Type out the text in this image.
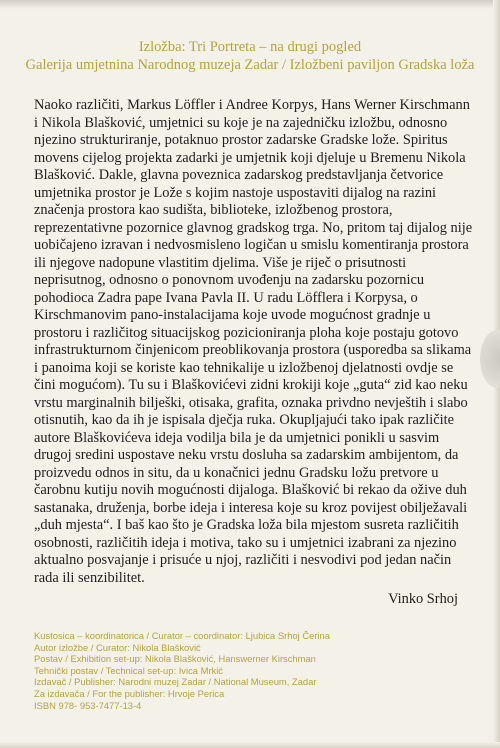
Izložba: Tri Portreta – na drugi pogled
Galerija umjetnina Narodnog muzeja Zadar / Izložbeni paviljon Gradska loža

Naoko različiti, Markus Löffler i Andree Korpys, Hans Werner Kirschmann i Nikola Blašković, umjetnici su koje je na zajedničku izložbu, odnosno njezino strukturiranje, potaknuo prostor zadarske Gradske lože. Spiritus movens cijelog projekta zadarki je umjetnik koji djeluje u Bremenu Nikola Blašković. Dakle, glavna poveznica zadarskog predstavljanja četvorice umjetnika prostor je Lože s kojim nastoje uspostaviti dijalog na razini značenja prostora kao sudišta, biblioteke, izložbenog prostora, reprezentativne pozornice glavnog gradskog trga. No, pritom taj dijalog nije uobičajeno izravan i nedvosmisleno logičan u smislu komentiranja prostora ili njegove nadopune vlastitim djelima. Više je riječ o prisutnosti neprisutnog, odnosno o ponovnom uvođenju na zadarsku pozornicu pohodioca Zadra pape Ivana Pavla II. U radu Löfflera i Korpysa, o Kirschmanovim pano-instalacijama koje uvode mogućnost gradnje u prostoru i različitog situacijskog pozicioniranja ploha koje postaju gotovo infrastrukturnom činjenicom preoblikovanja prostora (usporedba sa slikama i panoima koji se koriste kao tehnikalije u izložbenoj djelatnosti ovdje se čini mogućom). Tu su i Blaškovićevi zidni krokiji koje „guta“ zid kao neku vrstu marginalnih bilješki, otisaka, grafita, oznaka privdno nevještih i slabo otisnutih, kao da ih je ispisala dječja ruka. Okupljajući tako ipak različite autore Blaškovićeva ideja vodilja bila je da umjetnici ponikli u sasvim drugoj sredini uspostave neku vrstu dosluha sa zadarskim ambijentom, da proizvedu odnos in situ, da u konačnici jednu Gradsku ložu pretvore u čarobnu kutiju novih mogućnosti dijaloga. Blašković bi rekao da ožive duh sastanaka, druženja, borbe ideja i interesa koje su kroz povijest obilježavali „duh mjesta“. I baš kao što je Gradska loža bila mjestom susreta različitih osobnosti, različitih ideja i motiva, tako su i umjetnici izabrani za njezino aktualno posvajanje i prisuće u njoj, različiti i nesvodivi pod jedan način rada ili senzibilitet.

Vinko Srhoj
Kustosica – koordinatorica / Curator – coordinator: Ljubica Srhoj Čerina
Autor izložbe / Curator: Nikola Blašković
Postav / Exhibition set-up: Nikola Blašković, Hanswerner Kirschman
Tehnički postav / Technical set-up: Ivica Mrkić
Izdavač / Publisher: Narodni muzej Zadar / National Museum, Zadar
Za izdavača / For the publisher: Hrvoje Perica
ISBN 978- 953-7477-13-4
